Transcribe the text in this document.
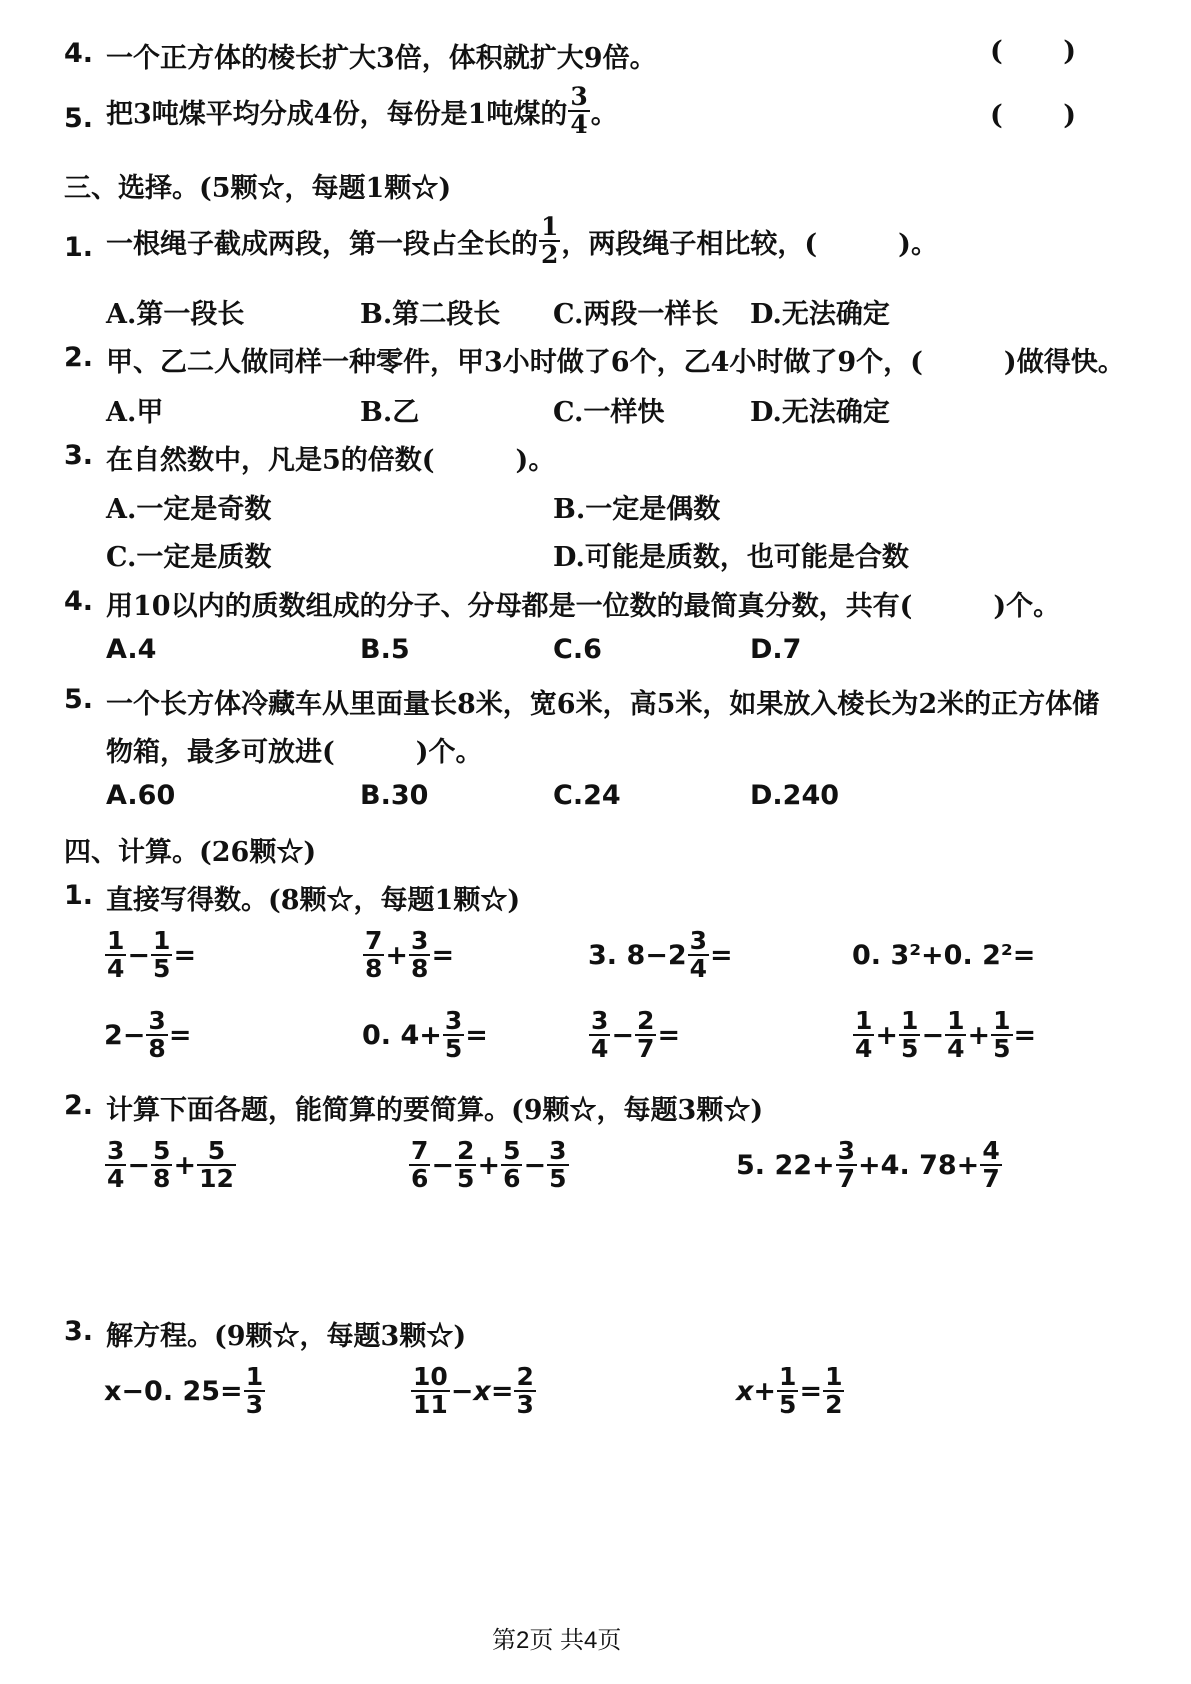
4. 一个正方体的棱长扩大3倍，体积就扩大9倍。	( )
5. 把3吨煤平均分成4份，每份是1吨煤的 $\frac{3}{4}$ 。	( )
三、选择。(5颗☆，每题1颗☆)
1. 一根绳子截成两段，第一段占全长的 $\frac{1}{2}$ ，两段绳子相比较，(　　　)。
A.第一段长	B.第二段长 C.两段一样长 D.无法确定
2. 甲、乙二人做同样一种零件，甲3小时做了6个，乙4小时做了9个，(　　　)做得快。
A.甲	B.乙	C.一样快	D.无法确定
3. 在自然数中，凡是5的倍数(　　　)。
A.一定是奇数	B.一定是偶数
C.一定是质数	D.可能是质数，也可能是合数
4. 用10以内的质数组成的分子、分母都是一位数的最简真分数，共有(　　　)个。
A.4	B.5	C.6	D.7
5. 一个长方体冷藏车从里面量长8米，宽6米，高5米，如果放入棱长为2米的正方体储
物箱，最多可放进(　　　)个。
A.60	B.30	C.24	D.240
四、计算。(26颗☆)
1. 直接写得数。(8颗☆，每题1颗☆)
$\frac{1}{4} - \frac{1}{5}$ =	$\frac{7}{8} + \frac{3}{8}$ =	3. $8-2 \frac{3}{4}$ =	0. 3²+0. 2²=
$2- \frac{3}{8}$ =	0. $4+ \frac{3}{5}$ =	$\frac{3}{4} - \frac{2}{7}$ =	$\frac{1}{4} + \frac{1}{5} - \frac{1}{4} + \frac{1}{5}$ =
2. 计算下面各题，能简算的要简算。(9颗☆，每题3颗☆)
$\frac{3}{4} - \frac{5}{8} + \frac{5}{12}$	$\frac{7}{6} - \frac{2}{5} + \frac{5}{6} - \frac{3}{5}$	5. $22+ \frac{3}{7} +4$. $78+ \frac{4}{7}$
3. 解方程。(9颗☆，每题3颗☆)
x−0. $25= \frac{1}{3}$	$\frac{10}{11} -x= \frac{2}{3}$	$x+ \frac{1}{5} = \frac{1}{2}$
第2页 共4页
